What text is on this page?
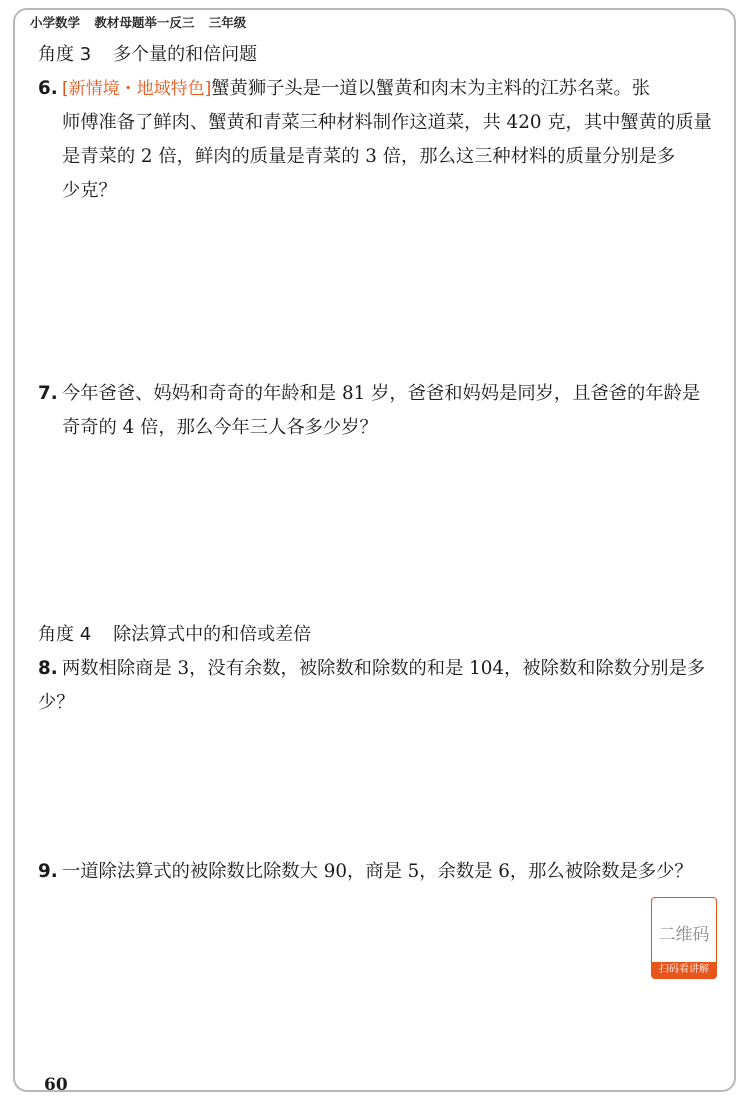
小学数学 教材母题举一反三 三年级
角度 3 多个量的和倍问题
6. [新情境・地域特色]蟹黄狮子头是一道以蟹黄和肉末为主料的江苏名菜。张
师傅准备了鲜肉、蟹黄和青菜三种材料制作这道菜，共 420 克，其中蟹黄的质量
是青菜的 2 倍，鲜肉的质量是青菜的 3 倍，那么这三种材料的质量分别是多
少克？
7. 今年爸爸、妈妈和奇奇的年龄和是 81 岁，爸爸和妈妈是同岁，且爸爸的年龄是
奇奇的 4 倍，那么今年三人各多少岁？
角度 4 除法算式中的和倍或差倍
8. 两数相除商是 3，没有余数，被除数和除数的和是 104，被除数和除数分别是多少？
9. 一道除法算式的被除数比除数大 90，商是 5，余数是 6，那么被除数是多少？
二维码
扫码看讲解
60
